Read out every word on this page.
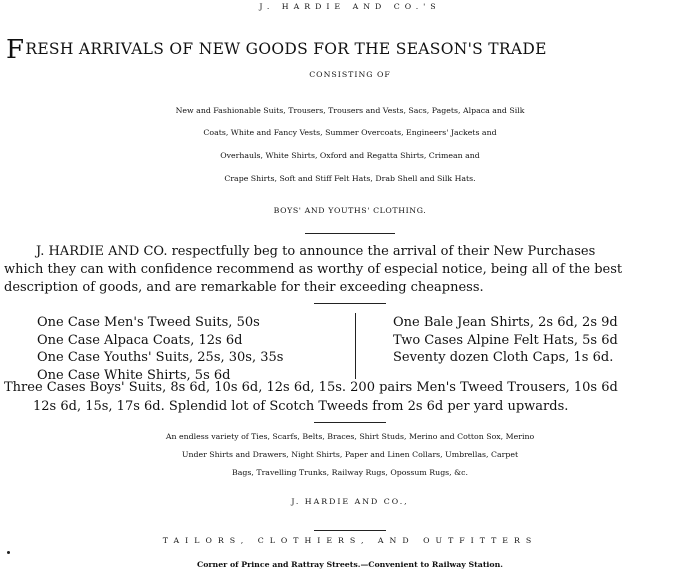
J. HARDIE AND CO.'S
FRESH ARRIVALS OF NEW GOODS FOR THE SEASON'S TRADE
CONSISTING OF
New and Fashionable Suits, Trousers, Trousers and Vests, Sacs, Pagets, Alpaca and Silk
Coats, White and Fancy Vests, Summer Overcoats, Engineers' Jackets and
Overhauls, White Shirts, Oxford and Regatta Shirts, Crimean and
Crape Shirts, Soft and Stiff Felt Hats, Drab Shell and Silk Hats.
BOYS' AND YOUTHS' CLOTHING.
J. HARDIE AND CO. respectfully beg to announce the arrival of their New Purchases
which they can with confidence recommend as worthy of especial notice, being all of the best
description of goods, and are remarkable for their exceeding cheapness.
One Case Men's Tweed Suits, 50s
One Case Alpaca Coats, 12s 6d
One Case Youths' Suits, 25s, 30s, 35s
One Case White Shirts, 5s 6d
One Bale Jean Shirts, 2s 6d, 2s 9d
Two Cases Alpine Felt Hats, 5s 6d
Seventy dozen Cloth Caps, 1s 6d.
Three Cases Boys' Suits, 8s 6d, 10s 6d, 12s 6d, 15s. 200 pairs Men's Tweed Trousers, 10s 6d
12s 6d, 15s, 17s 6d. Splendid lot of Scotch Tweeds from 2s 6d per yard upwards.
An endless variety of Ties, Scarfs, Belts, Braces, Shirt Studs, Merino and Cotton Sox, Merino
Under Shirts and Drawers, Night Shirts, Paper and Linen Collars, Umbrellas, Carpet
Bags, Travelling Trunks, Railway Rugs, Opossum Rugs, &c.
J. HARDIE AND CO.,
TAILORS, CLOTHIERS, AND OUTFITTERS
Corner of Prince and Rattray Streets.—Convenient to Railway Station.
